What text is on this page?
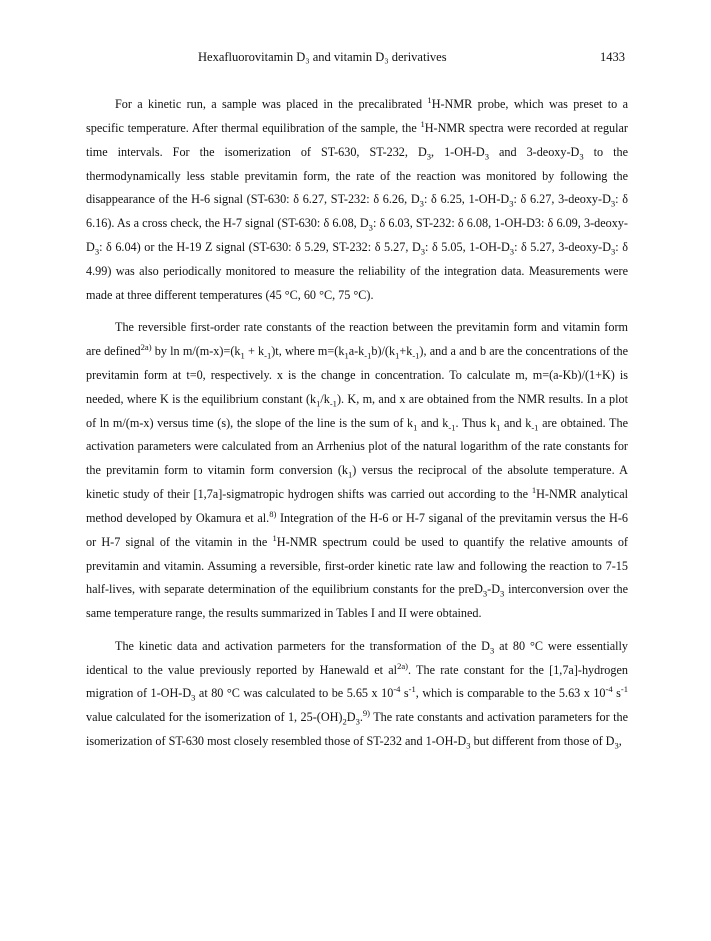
Hexafluorovitamin D₃ and vitamin D₃ derivatives	1433

For a kinetic run, a sample was placed in the precalibrated $^1$H-NMR probe, which was preset to a specific temperature. After thermal equilibration of the sample, the $^1$H-NMR spectra were recorded at regular time intervals. For the isomerization of ST-630, ST-232, $D_3$, $1-OH-D_3$ and $3-deoxy-D_3$ to the thermodynamically less stable previtamin form, the rate of the reaction was monitored by following the disappearance of the H-6 signal (ST-630: δ 6.27, ST-232: δ 6.26, $D_3$: δ 6.25, $1-OH-D_3$: δ 6.27, $3-deoxy-D_3$: δ 6.16). As a cross check, the H-7 signal (ST-630: δ 6.08, $D_3$: δ 6.03, ST-232: δ 6.08, 1-OH-D3: δ 6.09, $3-deoxy-D_3$: δ 6.04) or the H-19 Z signal (ST-630: δ 5.29, ST-232: δ 5.27, $D_3$: δ 5.05, $1-OH-D_3$: δ 5.27, $3-deoxy-D_3$: δ 4.99) was also periodically monitored to measure the reliability of the integration data. Measurements were made at three different temperatures (45 °C, 60 °C, 75 °C).

The reversible first-order rate constants of the reaction between the previtamin form and vitamin form are defined$^{2a)}$ by $\ln m/(m-x)=(k_1 + k_{-1})t$, where $m=(k_1a-k_{-1}b)/(k_1+k_{-1})$, and a and b are the concentrations of the previtamin form at t=0, respectively. x is the change in concentration. To calculate m, m=(a-Kb)/(1+K) is needed, where K is the equilibrium constant $(k_1/k_{-1})$. K, m, and x are obtained from the NMR results. In a plot of ln m/(m-x) versus time (s), the slope of the line is the sum of $k_1$ and $k_{-1}$. Thus $k_1$ and $k_{-1}$ are obtained. The activation parameters were calculated from an Arrhenius plot of the natural logarithm of the rate constants for the previtamin form to vitamin form conversion $(k_1)$ versus the reciprocal of the absolute temperature. A kinetic study of their [1,7a]-sigmatropic hydrogen shifts was carried out according to the $^1$H-NMR analytical method developed by Okamura et al.$^{8)}$ Integration of the H-6 or H-7 siganal of the previtamin versus the H-6 or H-7 signal of the vitamin in the $^1$H-NMR spectrum could be used to quantify the relative amounts of previtamin and vitamin. Assuming a reversible, first-order kinetic rate law and following the reaction to 7-15 half-lives, with separate determination of the equilibrium constants for the $preD_3-D_3$ interconversion over the same temperature range, the results summarized in Tables I and II were obtained.

The kinetic data and activation parmeters for the transformation of the $D_3$ at 80 °C were essentially identical to the value previously reported by Hanewald et $al^{2a)}$. The rate constant for the [1,7a]-hydrogen migration of $1-OH-D_3$ at 80 °C was calculated to be 5.65 x $10^{-4}$ $s^{-1}$, which is comparable to the 5.63 x $10^{-4}$ $s^{-1}$ value calculated for the isomerization of 1, $25-(OH)_2D_3.^{9)}$ The rate constants and activation parameters for the isomerization of ST-630 most closely resembled those of ST-232 and $1-OH-D_3$ but different from those of $D_3$,
